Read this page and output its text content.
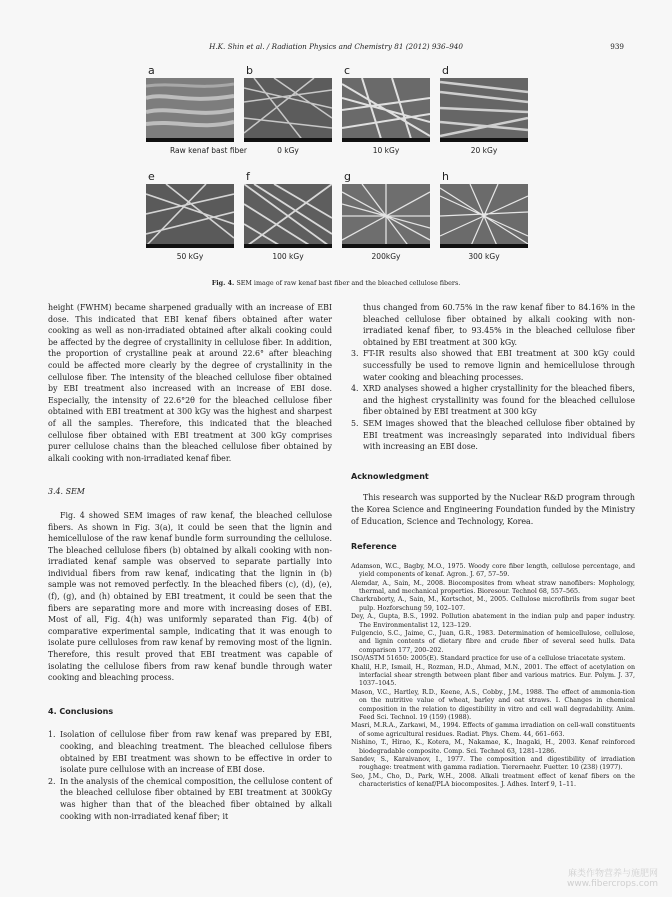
H.K. Shin et al. / Radiation Physics and Chemistry 81 (2012) 936–940	939
a
Raw kenaf bast fiber
b
0 kGy
c
10 kGy
d
20 kGy
e
50 kGy
f
100 kGy
g
200kGy
h
300 kGy
Fig. 4. SEM image of raw kenaf bast fiber and the bleached cellulose fibers.

height (FWHM) became sharpened gradually with an increase of EBI dose. This indicated that EBI kenaf fibers obtained after water cooking as well as non-irradiated obtained after alkali cooking could be affected by the degree of crystallinity in cellulose fiber. In addition, the proportion of crystalline peak at around 22.6° after bleaching could be affected more clearly by the degree of crystallinity in the cellulose fiber. The intensity of the bleached cellulose fiber obtained by EBI treatment also increased with an increase of EBI dose. Especially, the intensity of 22.6°2θ for the bleached cellulose fiber obtained with EBI treatment at 300 kGy was the highest and sharpest of all the samples. Therefore, this indicated that the bleached cellulose fiber obtained with EBI treatment at 300 kGy comprises purer cellulose chains than the bleached cellulose fiber obtained by alkali cooking with non-irradiated kenaf fiber.

3.4. SEM

Fig. 4 showed SEM images of raw kenaf, the bleached cellulose fibers. As shown in Fig. 3(a), it could be seen that the lignin and hemicellulose of the raw kenaf bundle form surrounding the cellulose. The bleached cellulose fibers (b) obtained by alkali cooking with non-irradiated kenaf sample was observed to separate partially into individual fibers from raw kenaf, indicating that the lignin in (b) sample was not removed perfectly. In the bleached fibers (c), (d), (e), (f), (g), and (h) obtained by EBI treatment, it could be seen that the fibers are separating more and more with increasing doses of EBI. Most of all, Fig. 4(h) was uniformly separated than Fig. 4(b) of comparative experimental sample, indicating that it was enough to isolate pure celluloses from raw kenaf by removing most of the lignin. Therefore, this result proved that EBI treatment was capable of isolating the cellulose fibers from raw kenaf bundle through water cooking and bleaching process.

4. Conclusions

1. Isolation of cellulose fiber from raw kenaf was prepared by EBI, cooking, and bleaching treatment. The bleached cellulose fibers obtained by EBI treatment was shown to be effective in order to isolate pure cellulose with an increase of EBI dose.
2. In the analysis of the chemical composition, the cellulose content of the bleached cellulose fiber obtained by EBI treatment at 300kGy was higher than that of the bleached fiber obtained by alkali cooking with non-irradiated kenaf fiber; it

thus changed from 60.75% in the raw kenaf fiber to 84.16% in the bleached cellulose fiber obtained by alkali cooking with non-irradiated kenaf fiber, to 93.45% in the bleached cellulose fiber obtained by EBI treatment at 300 kGy.

3. FT-IR results also showed that EBI treatment at 300 kGy could successfully be used to remove lignin and hemicellulose through water cooking and bleaching processes.
4. XRD analyses showed a higher crystallinity for the bleached fibers, and the highest crystallinity was found for the bleached cellulose fiber obtained by EBI treatment at 300 kGy
5. SEM images showed that the bleached cellulose fiber obtained by EBI treatment was increasingly separated into individual fibers with increasing an EBI dose.

Acknowledgment

This research was supported by the Nuclear R&D program through the Korea Science and Engineering Foundation funded by the Ministry of Education, Science and Technology, Korea.

Reference

Adamson, W.C., Bagby, M.O., 1975. Woody core fiber length, cellulose percentage, and yield components of kenaf. Agron. J. 67, 57–59.

Alemdar, A., Sain, M., 2008. Biocomposites from wheat straw nanofibers: Mophology, thermal, and mechanical properties. Bioresour. Technol 68, 557–565.

Charkraborty, A., Sain, M., Kortschot, M., 2005. Cellulose microfibrils from sugar beet pulp. Hozforschung 59, 102–107.

Dey, A., Gupta, B.S., 1992. Pollution abatement in the indian pulp and paper industry. The Environmentalist 12, 123–129.

Fulgencio, S.C., Jaime, C., Juan, G.R., 1983. Determination of hemicellulose, cellulose, and lignin contents of dietary fibre and crude fiber of several seed hulls. Data comparison 177, 200–202.

ISO/ASTM 51650: 2005(E). Standard practice for use of a cellulose triacetate system.

Khalil, H.P., Ismail, H., Rozman, H.D., Ahmad, M.N., 2001. The effect of acetylation on interfacial shear strength between plant fiber and various matrics. Eur. Polym. J. 37, 1037–1045.

Mason, V.C., Hartley, R.D., Keene, A.S., Cobby., J.M., 1988. The effect of ammonia-tion on the nutritive value of wheat, barley and oat straws. I. Changes in chemical composition in the relation to digestibility in vitro and cell wall degradability. Anim. Feed Sci. Technol. 19 (159) (1988).

Masri, M.R.A., Zarkawi, M., 1994. Effects of gamma irradiation on cell-wall constituents of some agricultural residues. Radiat. Phys. Chem. 44, 661–663.

Nishino, T., Hirao, K., Kotera, M., Nakamae, K., Inagaki, H., 2003. Kenaf reinforced biodegradable composite. Comp. Sci. Technol 63, 1281–1286.

Sandev, S., Karaivanov, I., 1977. The composition and digestibility of irradiation roughage: treatment with gamma radiation. Tierernaehr. Fuetter. 10 (238) (1977).

Seo, J.M., Cho, D., Park, W.H., 2008. Alkali treatment effect of kenaf fibers on the characteristics of kenaf/PLA biocomposites. J. Adhes. Interf 9, 1–11.

麻类作物营养与施肥网
www.fibercrops.com
